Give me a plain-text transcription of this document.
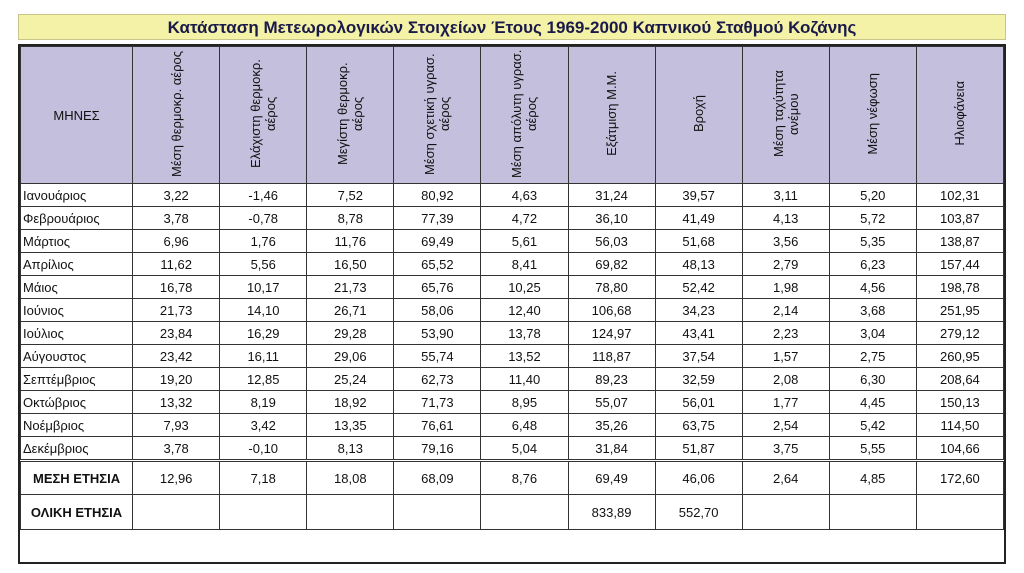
Κατάσταση Μετεωρολογικών Στοιχείων Έτους 1969-2000 Καπνικού Σταθμού Κοζάνης
ΜΗΝΕΣ	Μέση θερμοκρ. αέρος	Ελάχιστη θερμοκρ. αέρος	Μεγίστη θερμοκρ. αέρος	Μέση σχετική υγρασ. αέρος	Μέση απόλυτη υγρασ. αέρος	Εξάτμιση Μ.Μ.	Βροχή	Μέση ταχύτητα ανέμου	Μέση νέφωση	Ηλιοφάνεια
Ιανουάριος	3,22	-1,46	7,52	80,92	4,63	31,24	39,57	3,11	5,20	102,31
Φεβρουάριος	3,78	-0,78	8,78	77,39	4,72	36,10	41,49	4,13	5,72	103,87
Μάρτιος	6,96	1,76	11,76	69,49	5,61	56,03	51,68	3,56	5,35	138,87
Απρίλιος	11,62	5,56	16,50	65,52	8,41	69,82	48,13	2,79	6,23	157,44
Μάιος	16,78	10,17	21,73	65,76	10,25	78,80	52,42	1,98	4,56	198,78
Ιούνιος	21,73	14,10	26,71	58,06	12,40	106,68	34,23	2,14	3,68	251,95
Ιούλιος	23,84	16,29	29,28	53,90	13,78	124,97	43,41	2,23	3,04	279,12
Αύγουστος	23,42	16,11	29,06	55,74	13,52	118,87	37,54	1,57	2,75	260,95
Σεπτέμβριος	19,20	12,85	25,24	62,73	11,40	89,23	32,59	2,08	6,30	208,64
Οκτώβριος	13,32	8,19	18,92	71,73	8,95	55,07	56,01	1,77	4,45	150,13
Νοέμβριος	7,93	3,42	13,35	76,61	6,48	35,26	63,75	2,54	5,42	114,50
Δεκέμβριος	3,78	-0,10	8,13	79,16	5,04	31,84	51,87	3,75	5,55	104,66
ΜΕΣΗ ΕΤΗΣΙΑ	12,96	7,18	18,08	68,09	8,76	69,49	46,06	2,64	4,85	172,60
ΟΛΙΚΗ ΕΤΗΣΙΑ						833,89	552,70			
